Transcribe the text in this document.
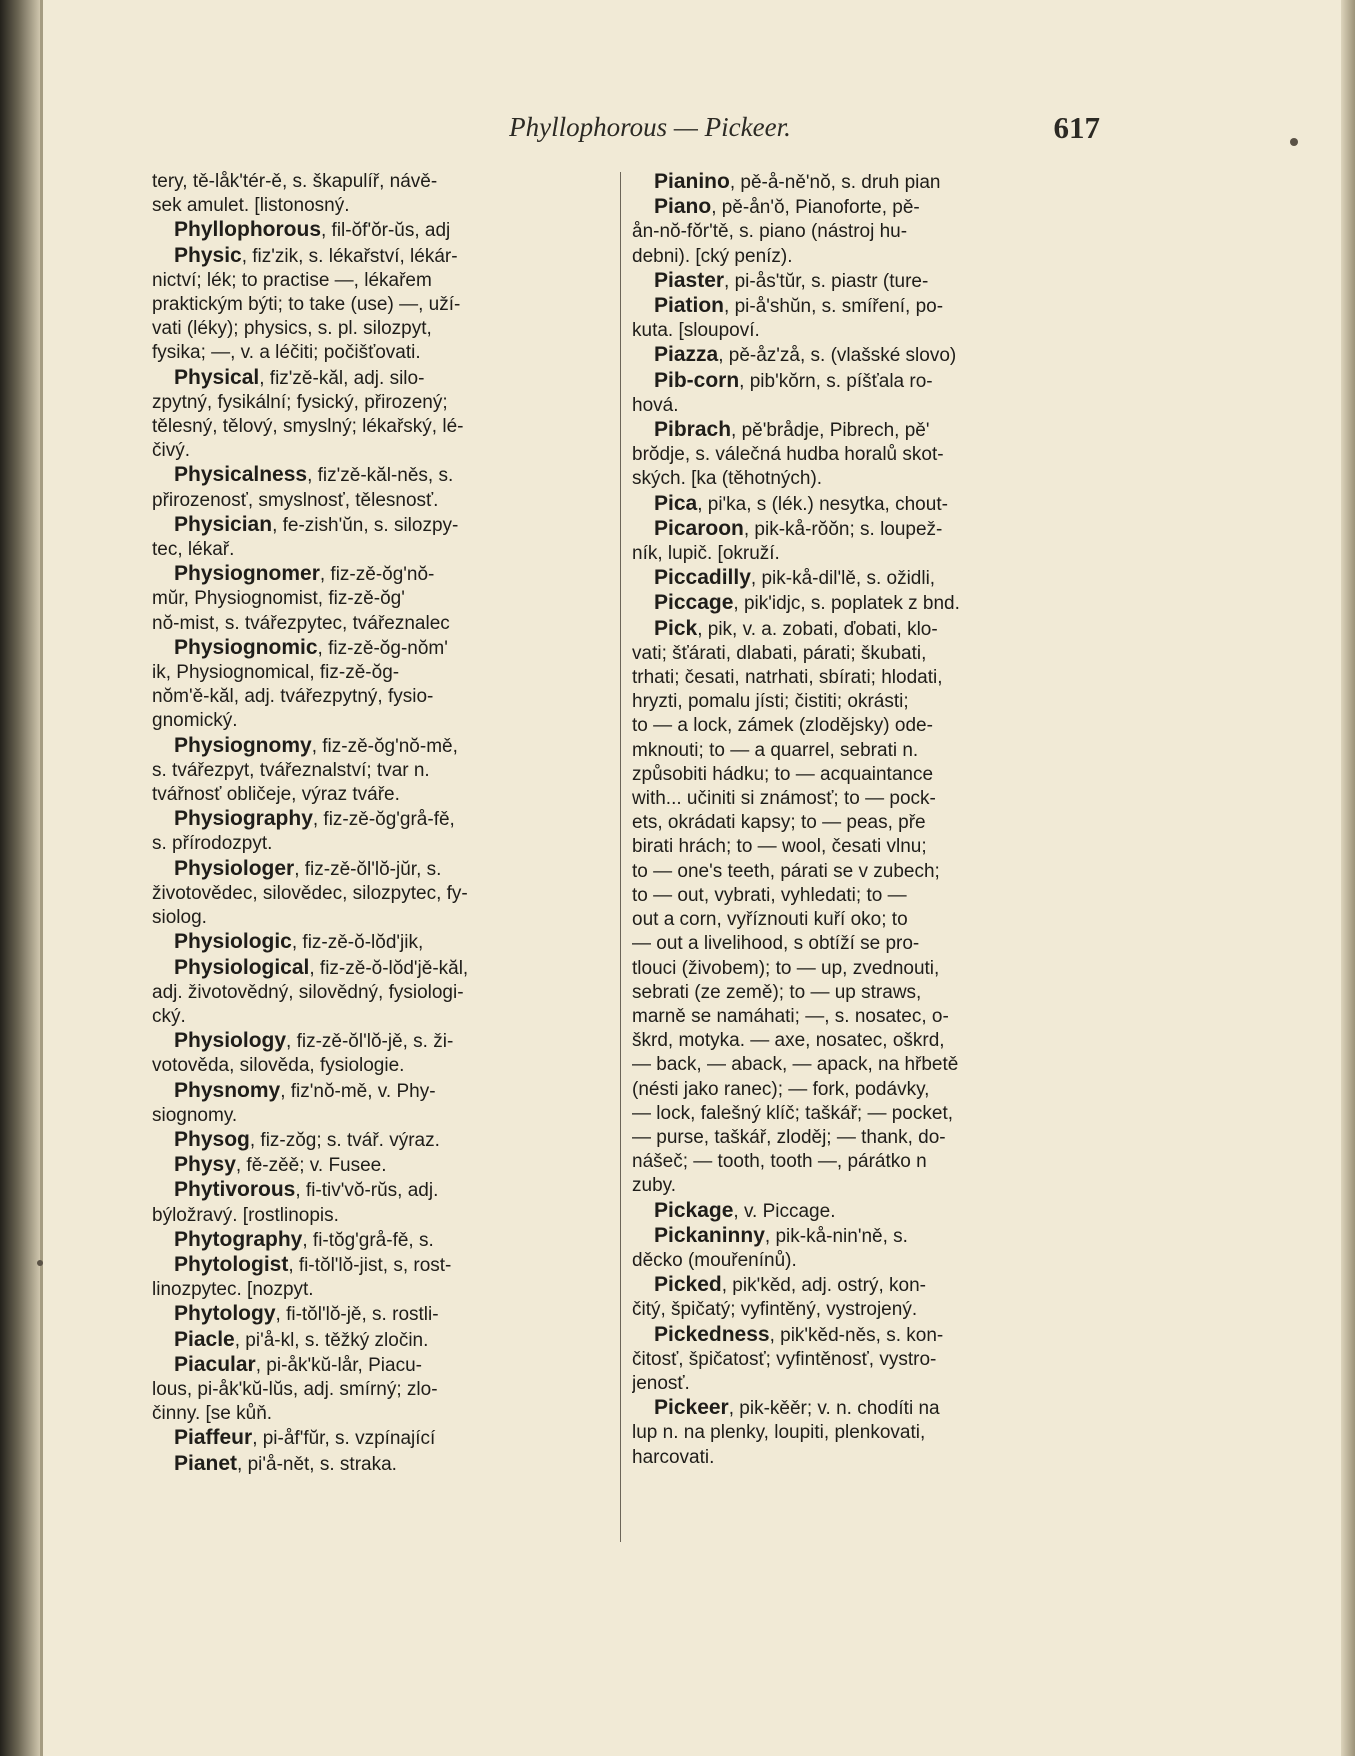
Phyllophorous — Pickeer.	617
tery, tě-låk'tér-ě, s. škapulíř, návě-
sek amulet. [listonosný.
Phyllophorous, fil-ŏf'ŏr-ŭs, adj
Physic, fiz'zik, s. lékařství, lékár-
nictví; lék; to practise —, lékařem
praktickým býti; to take (use) —, uží-
vati (léky); physics, s. pl. silozpyt,
fysika; —, v. a léčiti; počišťovati.
Physical, fiz'zě-kăl, adj. silo-
zpytný, fysikální; fysický, přirozený;
tělesný, tělový, smyslný; lékařský, lé-
čivý.
Physicalness, fiz'zě-kăl-něs, s.
přirozenosť, smyslnosť, tělesnosť.
Physician, fe-zish'ŭn, s. silozpy-
tec, lékař.
Physiognomer, fiz-zě-ŏg'nŏ-
mŭr, Physiognomist, fiz-zě-ŏg'
nŏ-mist, s. tvářezpytec, tvářeznalec
Physiognomic, fiz-zě-ŏg-nŏm'
ik, Physiognomical, fiz-zě-ŏg-
nŏm'ě-kăl, adj. tvářezpytný, fysio-
gnomický.
Physiognomy, fiz-zě-ŏg'nŏ-mě,
s. tvářezpyt, tvářeznalství; tvar n.
tvářnosť obličeje, výraz tváře.
Physiography, fiz-zě-ŏg'grå-fě,
s. přírodozpyt.
Physiologer, fiz-zě-ŏl'lŏ-jŭr, s.
životovědec, silovědec, silozpytec, fy-
siolog.
Physiologic, fiz-zě-ŏ-lŏd'jik,
Physiological, fiz-zě-ŏ-lŏd'jě-kăl,
adj. životovědný, silovědný, fysiologi-
cký.
Physiology, fiz-zě-ŏl'lŏ-jě, s. ži-
votověda, silověda, fysiologie.
Physnomy, fiz'nŏ-mě, v. Phy-
siognomy.
Physog, fiz-zŏg; s. tvář. výraz.
Physy, fě-zěě; v. Fusee.
Phytivorous, fi-tiv'vŏ-rŭs, adj.
býložravý. [rostlinopis.
Phytography, fi-tŏg'grå-fě, s.
Phytologist, fi-tŏl'lŏ-jist, s, rost-
linozpytec. [nozpyt.
Phytology, fi-tŏl'lŏ-jě, s. rostli-
Piacle, pi'å-kl, s. těžký zločin.
Piacular, pi-åk'kŭ-lår, Piacu-
lous, pi-åk'kŭ-lŭs, adj. smírný; zlo-
činny. [se kůň.
Piaffeur, pi-åf'fŭr, s. vzpínající
Pianet, pi'å-nět, s. straka.
Pianino, pě-å-ně'nŏ, s. druh pian
Piano, pě-ån'ŏ, Pianoforte, pě-
ån-nŏ-fŏr'tě, s. piano (nástroj hu-
debni). [cký peníz).
Piaster, pi-ås'tŭr, s. piastr (ture-
Piation, pi-å'shŭn, s. smíření, po-
kuta. [sloupoví.
Piazza, pě-åz'zå, s. (vlašské slovo)
Pib-corn, pib'kŏrn, s. píšťala ro-
hová.
Pibrach, pě'brådje, Pibrech, pě'
brŏdje, s. válečná hudba horalů skot-
ských. [ka (těhotných).
Pica, pi'ka, s (lék.) nesytka, chout-
Picaroon, pik-kå-rŏŏn; s. loupež-
ník, lupič. [okruží.
Piccadilly, pik-kå-dil'lě, s. ožidli,
Piccage, pik'idjc, s. poplatek z bnd.
Pick, pik, v. a. zobati, ďobati, klo-
vati; šťárati, dlabati, párati; škubati,
trhati; česati, natrhati, sbírati; hlodati,
hryzti, pomalu jísti; čistiti; okrásti;
to — a lock, zámek (zlodějsky) ode-
mknouti; to — a quarrel, sebrati n.
způsobiti hádku; to — acquaintance
with... učiniti si známosť; to — pock-
ets, okrádati kapsy; to — peas, pře
birati hrách; to — wool, česati vlnu;
to — one's teeth, párati se v zubech;
to — out, vybrati, vyhledati; to —
out a corn, vyříznouti kuří oko; to
— out a livelihood, s obtíží se pro-
tlouci (živobem); to — up, zvednouti,
sebrati (ze země); to — up straws,
marně se namáhati; —, s. nosatec, o-
škrd, motyka. — axe, nosatec, oškrd,
— back, — aback, — apack, na hřbetě
(nésti jako ranec); — fork, podávky,
— lock, falešný klíč; taškář; — pocket,
— purse, taškář, zloděj; — thank, do-
nášeč; — tooth, tooth —, párátko n
zuby.
Pickage, v. Piccage.
Pickaninny, pik-kå-nin'ně, s.
děcko (mouřenínů).
Picked, pik'kěd, adj. ostrý, kon-
čitý, špičatý; vyfintěný, vystrojený.
Pickedness, pik'kěd-něs, s. kon-
čitosť, špičatosť; vyfintěnosť, vystro-
jenosť.
Pickeer, pik-kěěr; v. n. chodíti na
lup n. na plenky, loupiti, plenkovati,
harcovati.
